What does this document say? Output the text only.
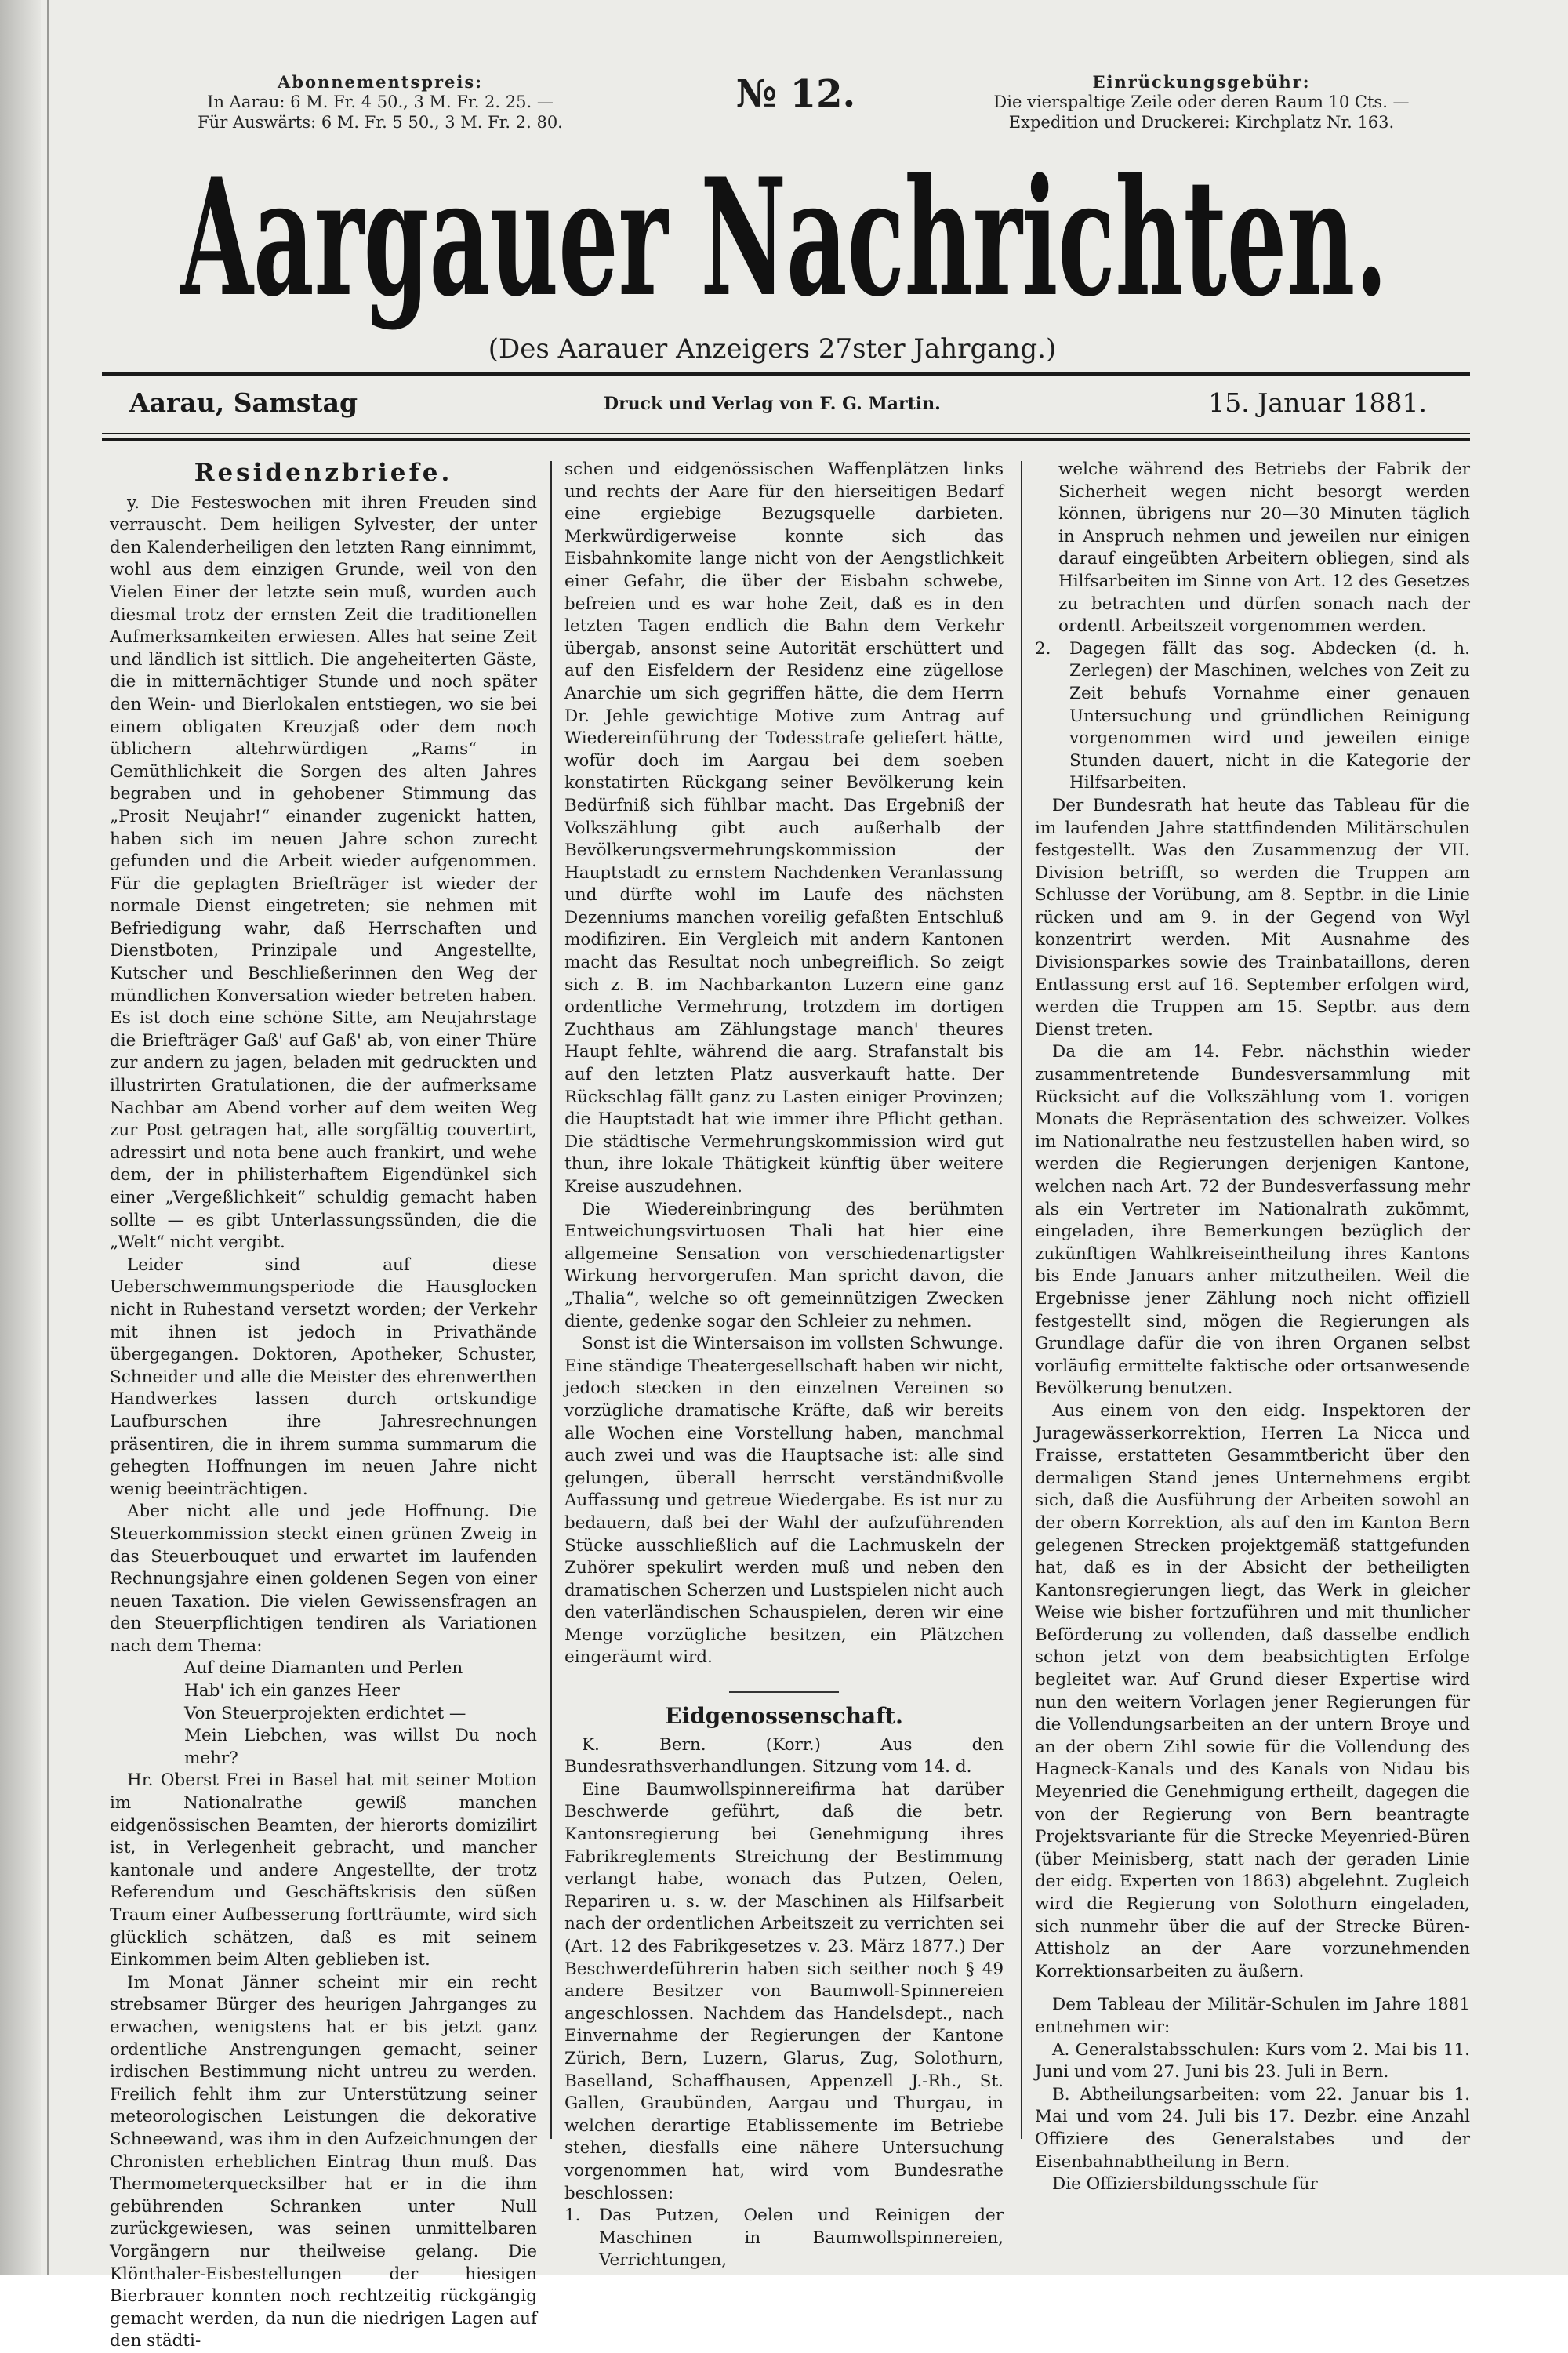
Abonnementspreis:
In Aarau: 6 M. Fr. 4 50., 3 M. Fr. 2. 25. —
Für Auswärts: 6 M. Fr. 5 50., 3 M. Fr. 2. 80.
№ 12.	Einrückungsgebühr:
Die vierspaltige Zeile oder deren Raum 10 Cts. —
Expedition und Druckerei: Kirchplatz Nr. 163.
Aargauer Nachrichten.
(Des Aarauer Anzeigers 27ster Jahrgang.)
Aarau, Samstag	Druck und Verlag von F. G. Martin.	15. Januar 1881.

Residenzbriefe.

y. Die Festeswochen mit ihren Freuden sind verrauscht. Dem heiligen Sylvester, der unter den Kalenderheiligen den letzten Rang einnimmt, wohl aus dem einzigen Grunde, weil von den Vielen Einer der letzte sein muß, wurden auch diesmal trotz der ernsten Zeit die traditionellen Aufmerksamkeiten erwiesen. Alles hat seine Zeit und ländlich ist sittlich. Die angeheiterten Gäste, die in mitternächtiger Stunde und noch später den Wein- und Bierlokalen entstiegen, wo sie bei einem obligaten Kreuzjaß oder dem noch üblichern altehrwürdigen „Rams“ in Gemüthlichkeit die Sorgen des alten Jahres begraben und in gehobener Stimmung das „Prosit Neujahr!“ einander zugenickt hatten, haben sich im neuen Jahre schon zurecht gefunden und die Arbeit wieder aufgenommen. Für die geplagten Briefträger ist wieder der normale Dienst eingetreten; sie nehmen mit Befriedigung wahr, daß Herrschaften und Dienstboten, Prinzipale und Angestellte, Kutscher und Beschließerinnen den Weg der mündlichen Konversation wieder betreten haben. Es ist doch eine schöne Sitte, am Neujahrstage die Briefträger Gaß' auf Gaß' ab, von einer Thüre zur andern zu jagen, beladen mit gedruckten und illustrirten Gratulationen, die der aufmerksame Nachbar am Abend vorher auf dem weiten Weg zur Post getragen hat, alle sorgfältig couvertirt, adressirt und nota bene auch frankirt, und wehe dem, der in philisterhaftem Eigendünkel sich einer „Vergeßlichkeit“ schuldig gemacht haben sollte — es gibt Unterlassungssünden, die die „Welt“ nicht vergibt.

Leider sind auf diese Ueberschwemmungsperiode die Hausglocken nicht in Ruhestand versetzt worden; der Verkehr mit ihnen ist jedoch in Privathände übergegangen. Doktoren, Apotheker, Schuster, Schneider und alle die Meister des ehrenwerthen Handwerkes lassen durch ortskundige Laufburschen ihre Jahresrechnungen präsentiren, die in ihrem summa summarum die gehegten Hoffnungen im neuen Jahre nicht wenig beeinträchtigen.

Aber nicht alle und jede Hoffnung. Die Steuerkommission steckt einen grünen Zweig in das Steuerbouquet und erwartet im laufenden Rechnungsjahre einen goldenen Segen von einer neuen Taxation. Die vielen Gewissensfragen an den Steuerpflichtigen tendiren als Variationen nach dem Thema:

Auf deine Diamanten und Perlen

Hab' ich ein ganzes Heer

Von Steuerprojekten erdichtet —

Mein Liebchen, was willst Du noch mehr?

Hr. Oberst Frei in Basel hat mit seiner Motion im Nationalrathe gewiß manchen eidgenössischen Beamten, der hierorts domizilirt ist, in Verlegenheit gebracht, und mancher kantonale und andere Angestellte, der trotz Referendum und Geschäftskrisis den süßen Traum einer Aufbesserung fortträumte, wird sich glücklich schätzen, daß es mit seinem Einkommen beim Alten geblieben ist.

Im Monat Jänner scheint mir ein recht strebsamer Bürger des heurigen Jahrganges zu erwachen, wenigstens hat er bis jetzt ganz ordentliche Anstrengungen gemacht, seiner irdischen Bestimmung nicht untreu zu werden. Freilich fehlt ihm zur Unterstützung seiner meteorologischen Leistungen die dekorative Schneewand, was ihm in den Aufzeichnungen der Chronisten erheblichen Eintrag thun muß. Das Thermometerquecksilber hat er in die ihm gebührenden Schranken unter Null zurückgewiesen, was seinen unmittelbaren Vorgängern nur theilweise gelang. Die Klönthaler-Eisbestellungen der hiesigen Bierbrauer konnten noch rechtzeitig rückgängig gemacht werden, da nun die niedrigen Lagen auf den städti-

schen und eidgenössischen Waffenplätzen links und rechts der Aare für den hierseitigen Bedarf eine ergiebige Bezugsquelle darbieten. Merkwürdigerweise konnte sich das Eisbahnkomite lange nicht von der Aengstlichkeit einer Gefahr, die über der Eisbahn schwebe, befreien und es war hohe Zeit, daß es in den letzten Tagen endlich die Bahn dem Verkehr übergab, ansonst seine Autorität erschüttert und auf den Eisfeldern der Residenz eine zügellose Anarchie um sich gegriffen hätte, die dem Herrn Dr. Jehle gewichtige Motive zum Antrag auf Wiedereinführung der Todesstrafe geliefert hätte, wofür doch im Aargau bei dem soeben konstatirten Rückgang seiner Bevölkerung kein Bedürfniß sich fühlbar macht. Das Ergebniß der Volkszählung gibt auch außerhalb der Bevölkerungsvermehrungskommission der Hauptstadt zu ernstem Nachdenken Veranlassung und dürfte wohl im Laufe des nächsten Dezenniums manchen voreilig gefaßten Entschluß modifiziren. Ein Vergleich mit andern Kantonen macht das Resultat noch unbegreiflich. So zeigt sich z. B. im Nachbarkanton Luzern eine ganz ordentliche Vermehrung, trotzdem im dortigen Zuchthaus am Zählungstage manch' theures Haupt fehlte, während die aarg. Strafanstalt bis auf den letzten Platz ausverkauft hatte. Der Rückschlag fällt ganz zu Lasten einiger Provinzen; die Hauptstadt hat wie immer ihre Pflicht gethan. Die städtische Vermehrungskommission wird gut thun, ihre lokale Thätigkeit künftig über weitere Kreise auszudehnen.

Die Wiedereinbringung des berühmten Entweichungsvirtuosen Thali hat hier eine allgemeine Sensation von verschiedenartigster Wirkung hervorgerufen. Man spricht davon, die „Thalia“, welche so oft gemeinnützigen Zwecken diente, gedenke sogar den Schleier zu nehmen.

Sonst ist die Wintersaison im vollsten Schwunge. Eine ständige Theatergesellschaft haben wir nicht, jedoch stecken in den einzelnen Vereinen so vorzügliche dramatische Kräfte, daß wir bereits alle Wochen eine Vorstellung haben, manchmal auch zwei und was die Hauptsache ist: alle sind gelungen, überall herrscht verständnißvolle Auffassung und getreue Wiedergabe. Es ist nur zu bedauern, daß bei der Wahl der aufzuführenden Stücke ausschließlich auf die Lachmuskeln der Zuhörer spekulirt werden muß und neben den dramatischen Scherzen und Lustspielen nicht auch den vaterländischen Schauspielen, deren wir eine Menge vorzügliche besitzen, ein Plätzchen eingeräumt wird.

Eidgenossenschaft.

K. Bern. (Korr.) Aus den Bundesrathsverhandlungen. Sitzung vom 14. d.

Eine Baumwollspinnereifirma hat darüber Beschwerde geführt, daß die betr. Kantonsregierung bei Genehmigung ihres Fabrikreglements Streichung der Bestimmung verlangt habe, wonach das Putzen, Oelen, Repariren u. s. w. der Maschinen als Hilfsarbeit nach der ordentlichen Arbeitszeit zu verrichten sei (Art. 12 des Fabrikgesetzes v. 23. März 1877.) Der Beschwerdeführerin haben sich seither noch § 49 andere Besitzer von Baumwoll-Spinnereien angeschlossen. Nachdem das Handelsdept., nach Einvernahme der Regierungen der Kantone Zürich, Bern, Luzern, Glarus, Zug, Solothurn, Baselland, Schaffhausen, Appenzell J.-Rh., St. Gallen, Graubünden, Aargau und Thurgau, in welchen derartige Etablissemente im Betriebe stehen, diesfalls eine nähere Untersuchung vorgenommen hat, wird vom Bundesrathe beschlossen:

1. Das Putzen, Oelen und Reinigen der Maschinen in Baumwollspinnereien, Verrichtungen,

welche während des Betriebs der Fabrik der Sicherheit wegen nicht besorgt werden können, übrigens nur 20—30 Minuten täglich in Anspruch nehmen und jeweilen nur einigen darauf eingeübten Arbeitern obliegen, sind als Hilfsarbeiten im Sinne von Art. 12 des Gesetzes zu betrachten und dürfen sonach nach der ordentl. Arbeitszeit vorgenommen werden.

2. Dagegen fällt das sog. Abdecken (d. h. Zerlegen) der Maschinen, welches von Zeit zu Zeit behufs Vornahme einer genauen Untersuchung und gründlichen Reinigung vorgenommen wird und jeweilen einige Stunden dauert, nicht in die Kategorie der Hilfsarbeiten.

Der Bundesrath hat heute das Tableau für die im laufenden Jahre stattfindenden Militärschulen festgestellt. Was den Zusammenzug der VII. Division betrifft, so werden die Truppen am Schlusse der Vorübung, am 8. Septbr. in die Linie rücken und am 9. in der Gegend von Wyl konzentrirt werden. Mit Ausnahme des Divisionsparkes sowie des Trainbataillons, deren Entlassung erst auf 16. September erfolgen wird, werden die Truppen am 15. Septbr. aus dem Dienst treten.

Da die am 14. Febr. nächsthin wieder zusammentretende Bundesversammlung mit Rücksicht auf die Volkszählung vom 1. vorigen Monats die Repräsentation des schweizer. Volkes im Nationalrathe neu festzustellen haben wird, so werden die Regierungen derjenigen Kantone, welchen nach Art. 72 der Bundesverfassung mehr als ein Vertreter im Nationalrath zukömmt, eingeladen, ihre Bemerkungen bezüglich der zukünftigen Wahlkreiseintheilung ihres Kantons bis Ende Januars anher mitzutheilen. Weil die Ergebnisse jener Zählung noch nicht offiziell festgestellt sind, mögen die Regierungen als Grundlage dafür die von ihren Organen selbst vorläufig ermittelte faktische oder ortsanwesende Bevölkerung benutzen.

Aus einem von den eidg. Inspektoren der Juragewässerkorrektion, Herren La Nicca und Fraisse, erstatteten Gesammtbericht über den dermaligen Stand jenes Unternehmens ergibt sich, daß die Ausführung der Arbeiten sowohl an der obern Korrektion, als auf den im Kanton Bern gelegenen Strecken projektgemäß stattgefunden hat, daß es in der Absicht der betheiligten Kantonsregierungen liegt, das Werk in gleicher Weise wie bisher fortzuführen und mit thunlicher Beförderung zu vollenden, daß dasselbe endlich schon jetzt von dem beabsichtigten Erfolge begleitet war. Auf Grund dieser Expertise wird nun den weitern Vorlagen jener Regierungen für die Vollendungsarbeiten an der untern Broye und an der obern Zihl sowie für die Vollendung des Hagneck-Kanals und des Kanals von Nidau bis Meyenried die Genehmigung ertheilt, dagegen die von der Regierung von Bern beantragte Projektsvariante für die Strecke Meyenried-Büren (über Meinisberg, statt nach der geraden Linie der eidg. Experten von 1863) abgelehnt. Zugleich wird die Regierung von Solothurn eingeladen, sich nunmehr über die auf der Strecke Büren-Attisholz an der Aare vorzunehmenden Korrektionsarbeiten zu äußern.

Dem Tableau der Militär-Schulen im Jahre 1881 entnehmen wir:

A. Generalstabsschulen: Kurs vom 2. Mai bis 11. Juni und vom 27. Juni bis 23. Juli in Bern.

B. Abtheilungsarbeiten: vom 22. Januar bis 1. Mai und vom 24. Juli bis 17. Dezbr. eine Anzahl Offiziere des Generalstabes und der Eisenbahnabtheilung in Bern.

Die Offiziersbildungsschule für
